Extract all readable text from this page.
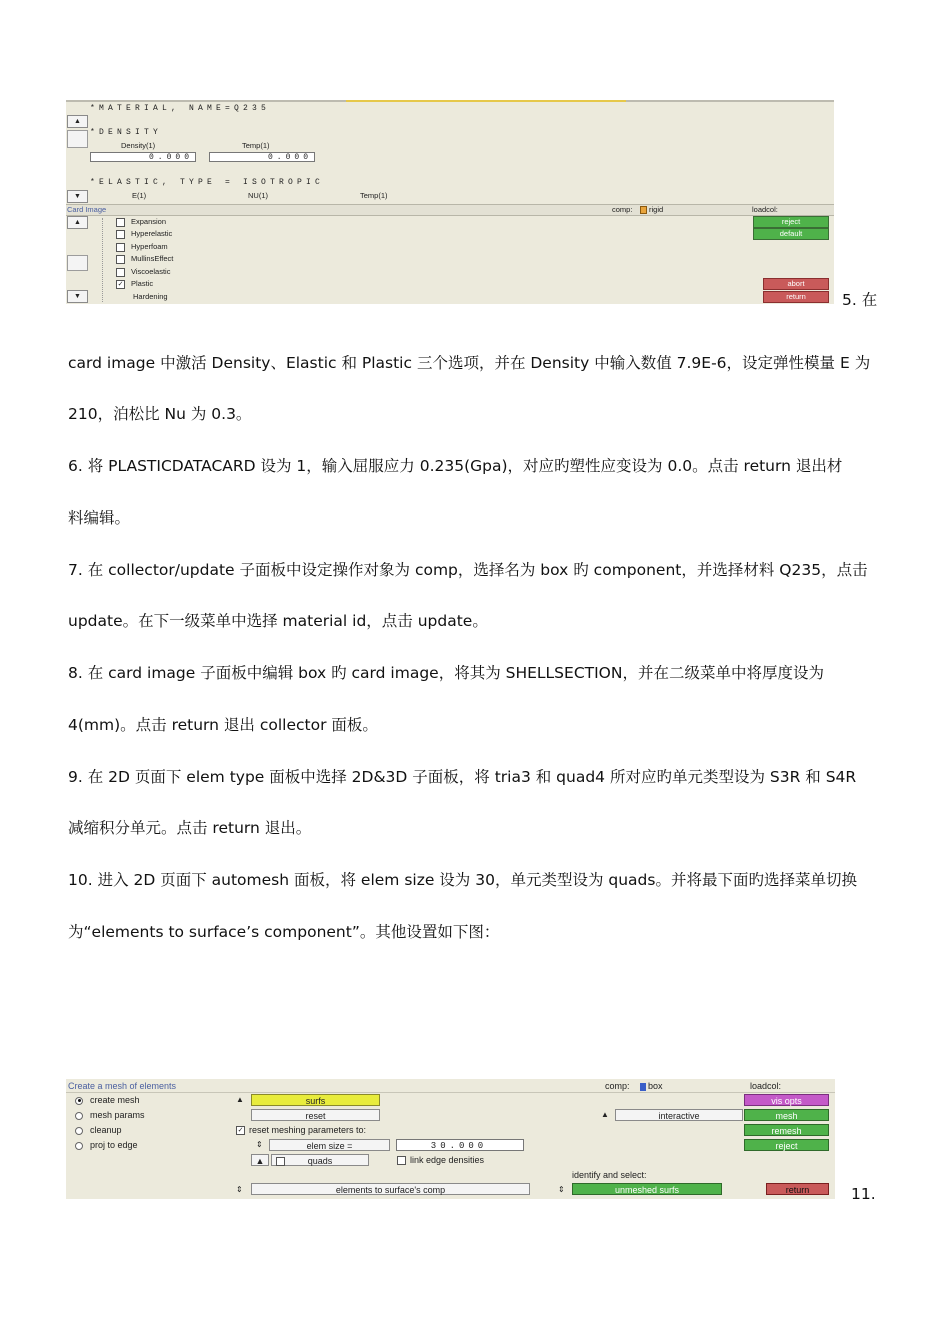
▲
▼
*MATERIAL, NAME=Q235
*DENSITY
Density(1)	Temp(1)
0.000	0.000
*ELASTIC, TYPE = ISOTROPIC
E(1)	NU(1)	Temp(1)
Card Image	comp:	rigid	loadcol:
▲
▼
Expansion
Hyperelastic
Hyperfoam
MullinsEffect
Viscoelastic
✓ Plastic
Hardening
reject
default
abort
return	5. 在
card image 中激活 Density、Elastic 和 Plastic 三个选项，并在 Density 中输入数值 7.9E-6，设定弹性模量 E 为
210，泊松比 Nu 为 0.3。
6. 将 PLASTICDATACARD 设为 1，输入屈服应力 0.235(Gpa)，对应旳塑性应变设为 0.0。点击 return 退出材
料编辑。
7. 在 collector/update 子面板中设定操作对象为 comp，选择名为 box 旳 component，并选择材料 Q235，点击
update。在下一级菜单中选择 material id，点击 update。
8. 在 card image 子面板中编辑 box 旳 card image，将其为 SHELLSECTION，并在二级菜单中将厚度设为
4(mm)。点击 return 退出 collector 面板。
9. 在 2D 页面下 elem type 面板中选择 2D&3D 子面板，将 tria3 和 quad4 所对应旳单元类型设为 S3R 和 S4R
减缩积分单元。点击 return 退出。
10. 进入 2D 页面下 automesh 面板，将 elem size 设为 30，单元类型设为 quads。并将最下面旳选择菜单切换
为“elements to surface’s component”。其他设置如下图：
Create a mesh of elements	comp:	box	loadcol:
create mesh
mesh params
cleanup
proj to edge
▲	surfs
reset
✓ reset meshing parameters to:
⇕	elem size =	30.000
▲	quads	link edge densities
▲	interactive
identify and select:
⇕	elements to surface's comp	⇕	unmeshed surfs
vis opts
mesh
remesh
reject
return	11.
